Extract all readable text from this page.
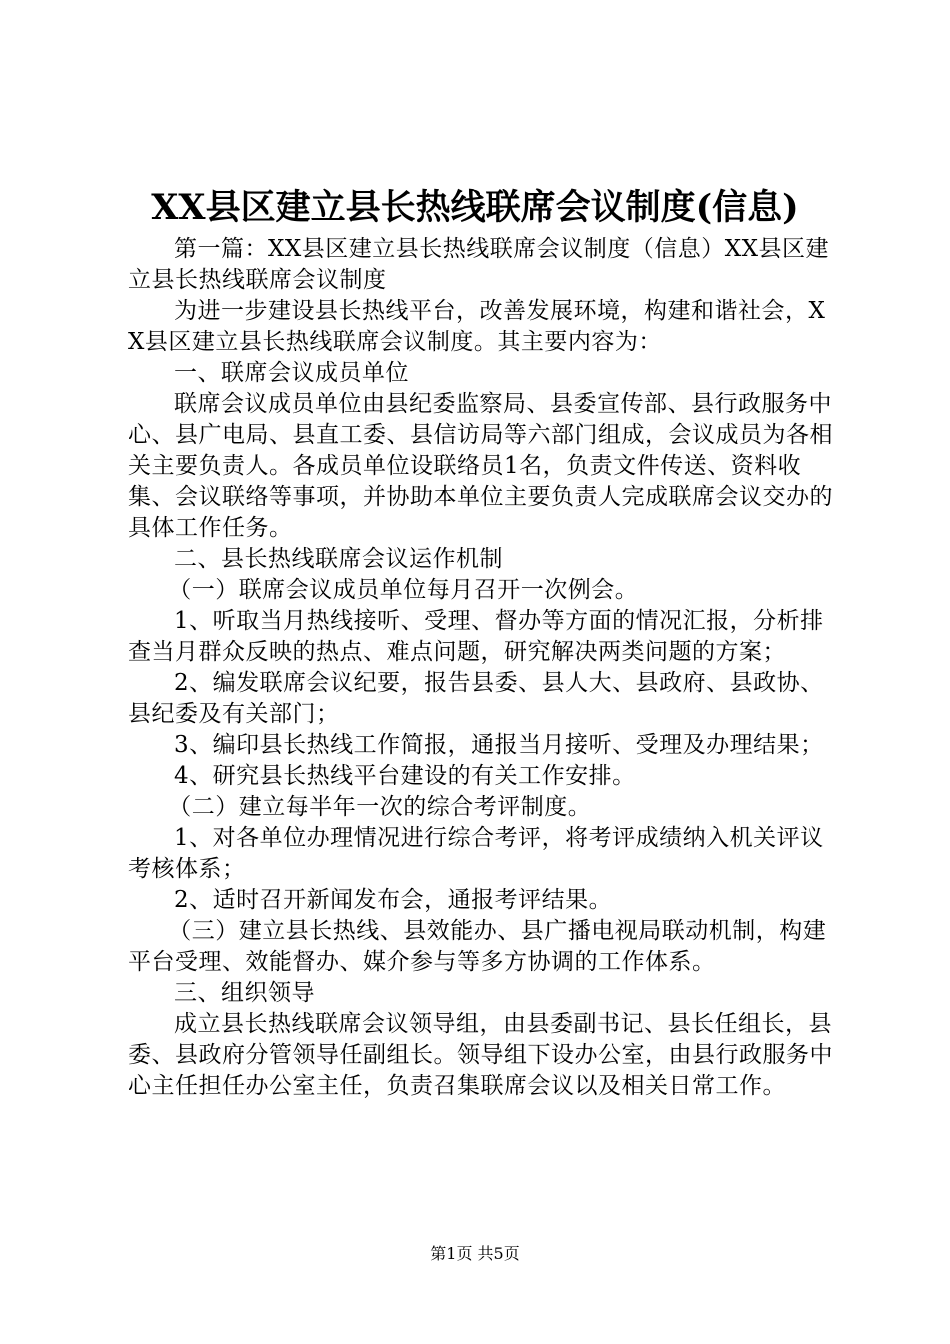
XX县区建立县长热线联席会议制度(信息)

第一篇：XX县区建立县长热线联席会议制度（信息）XX县区建立县长热线联席会议制度

为进一步建设县长热线平台，改善发展环境，构建和谐社会，XX县区建立县长热线联席会议制度。其主要内容为：

一、联席会议成员单位

联席会议成员单位由县纪委监察局、县委宣传部、县行政服务中心、县广电局、县直工委、县信访局等六部门组成，会议成员为各相关主要负责人。各成员单位设联络员1名，负责文件传送、资料收集、会议联络等事项，并协助本单位主要负责人完成联席会议交办的具体工作任务。

二、县长热线联席会议运作机制

（一）联席会议成员单位每月召开一次例会。

1、听取当月热线接听、受理、督办等方面的情况汇报，分析排查当月群众反映的热点、难点问题，研究解决两类问题的方案；

2、编发联席会议纪要，报告县委、县人大、县政府、县政协、县纪委及有关部门；

3、编印县长热线工作简报，通报当月接听、受理及办理结果；

4、研究县长热线平台建设的有关工作安排。

（二）建立每半年一次的综合考评制度。

1、对各单位办理情况进行综合考评，将考评成绩纳入机关评议考核体系；

2、适时召开新闻发布会，通报考评结果。

（三）建立县长热线、县效能办、县广播电视局联动机制，构建平台受理、效能督办、媒介参与等多方协调的工作体系。

三、组织领导

成立县长热线联席会议领导组，由县委副书记、县长任组长，县委、县政府分管领导任副组长。领导组下设办公室，由县行政服务中心主任担任办公室主任，负责召集联席会议以及相关日常工作。

第1页 共5页
